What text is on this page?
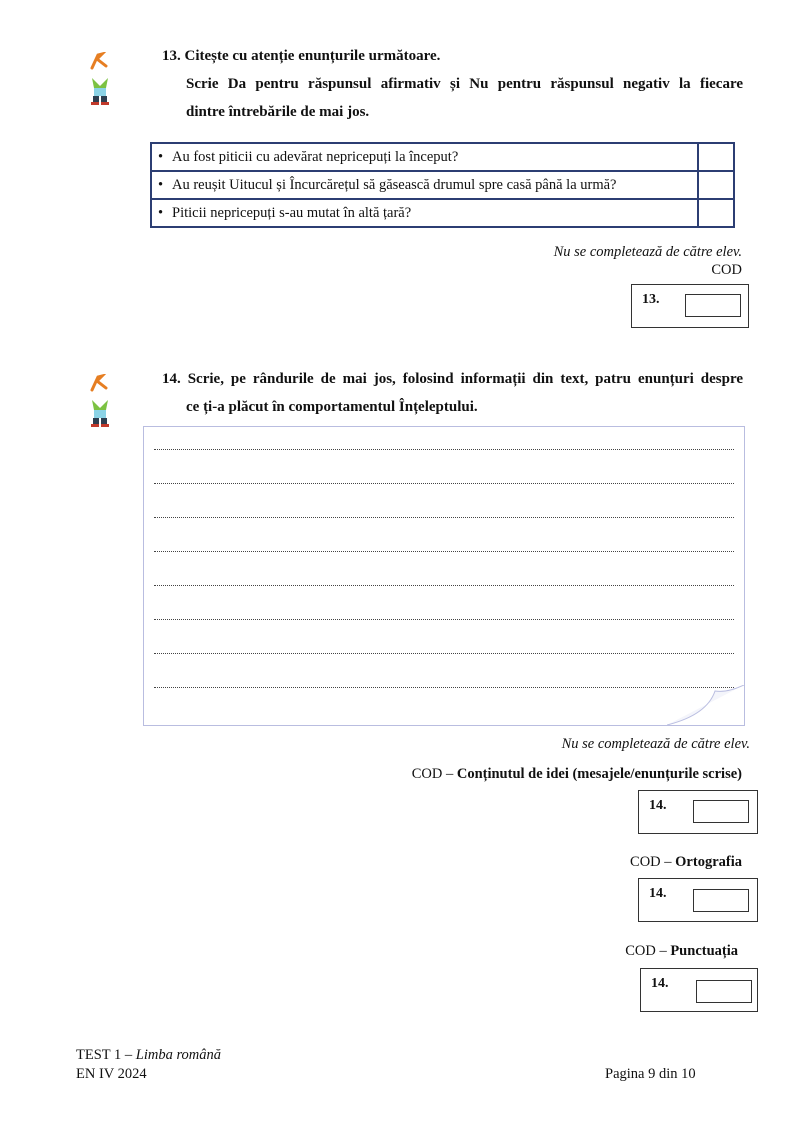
13. Citește cu atenție enunțurile următoare.
Scrie Da pentru răspunsul afirmativ și Nu pentru răspunsul negativ la fiecare
dintre întrebările de mai jos.
• Au fost piticii cu adevărat nepricepuți la început?	
• Au reușit Uitucul și Încurcărețul să găsească drumul spre casă până la urmă?	
• Piticii nepricepuți s-au mutat în altă țară?	
Nu se completează de către elev.
COD
13.
14. Scrie, pe rândurile de mai jos, folosind informații din text, patru enunțuri despre
ce ți-a plăcut în comportamentul Înțeleptului.
Nu se completează de către elev.
COD – Conținutul de idei (mesajele/enunțurile scrise)
14.
COD – Ortografia
14.
COD – Punctuația
14.
TEST 1 – Limba română
EN IV 2024	Pagina 9 din 10
